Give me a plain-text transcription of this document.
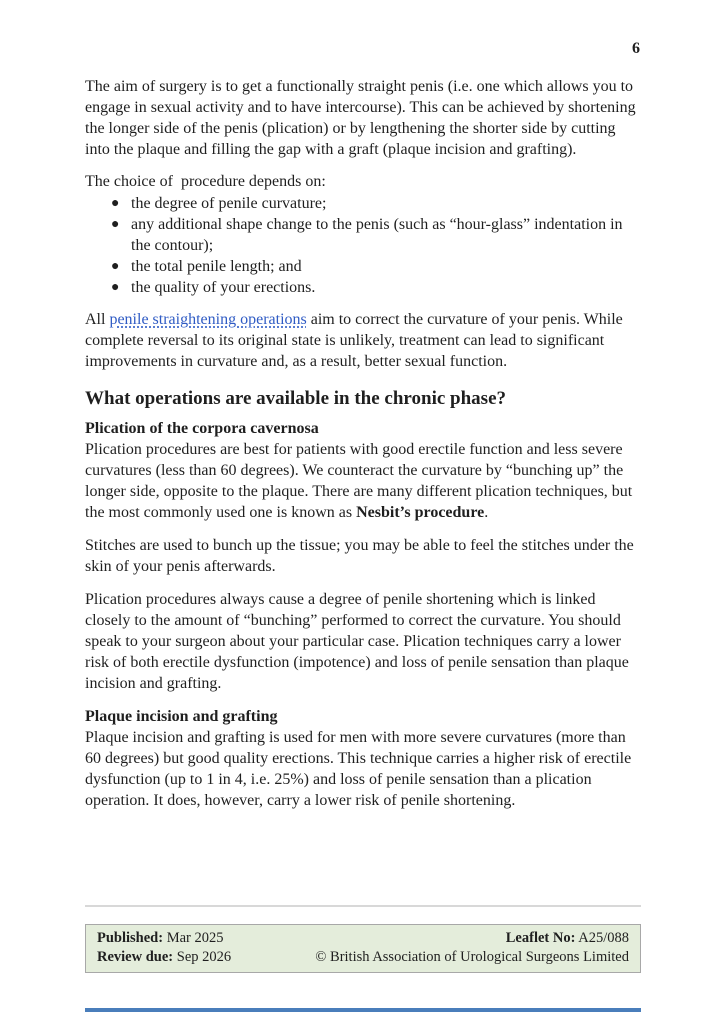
6

The aim of surgery is to get a functionally straight penis (i.e. one which allows you to engage in sexual activity and to have intercourse). This can be achieved by shortening the longer side of the penis (plication) or by lengthening the shorter side by cutting into the plaque and filling the gap with a graft (plaque incision and grafting).

The choice of  procedure depends on:

● the degree of penile curvature;
● any additional shape change to the penis (such as “hour-glass” indentation in the contour);
● the total penile length; and
● the quality of your erections.

All penile straightening operations aim to correct the curvature of your penis. While complete reversal to its original state is unlikely, treatment can lead to significant improvements in curvature and, as a result, better sexual function.

What operations are available in the chronic phase?
Plication of the corpora cavernosa

Plication procedures are best for patients with good erectile function and less severe curvatures (less than 60 degrees). We counteract the curvature by “bunching up” the longer side, opposite to the plaque. There are many different plication techniques, but the most commonly used one is known as Nesbit’s procedure.

Stitches are used to bunch up the tissue; you may be able to feel the stitches under the skin of your penis afterwards.

Plication procedures always cause a degree of penile shortening which is linked closely to the amount of “bunching” performed to correct the curvature. You should speak to your surgeon about your particular case. Plication techniques carry a lower risk of both erectile dysfunction (impotence) and loss of penile sensation than plaque incision and grafting.

Plaque incision and grafting

Plaque incision and grafting is used for men with more severe curvatures (more than 60 degrees) but good quality erections. This technique carries a higher risk of erectile dysfunction (up to 1 in 4, i.e. 25%) and loss of penile sensation than a plication operation. It does, however, carry a lower risk of penile shortening.

Published: Mar 2025
Review due: Sep 2026
Leaflet No: A25/088
© British Association of Urological Surgeons Limited
